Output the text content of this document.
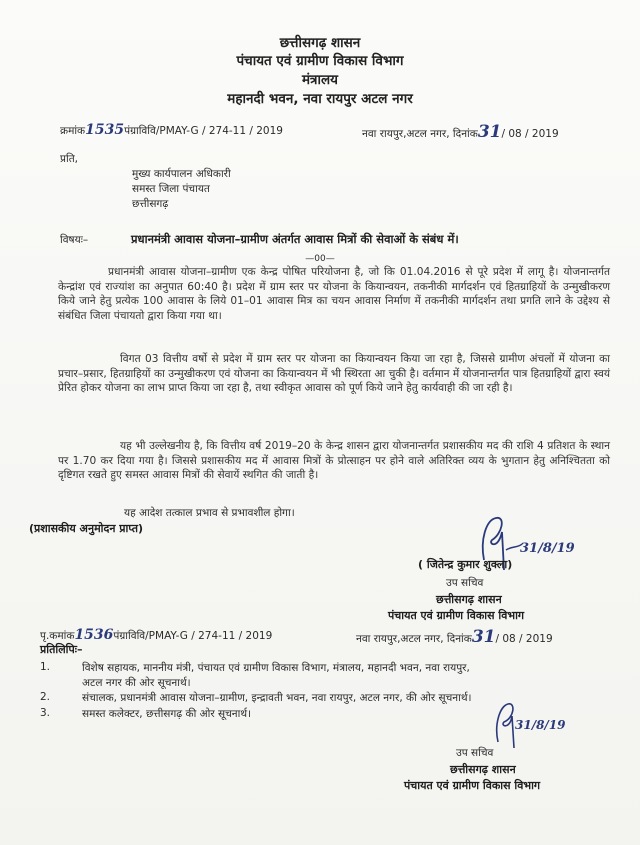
छत्तीसगढ़ शासन
पंचायत एवं ग्रामीण विकास विभाग
मंत्रालय
महानदी भवन, नवा रायपुर अटल नगर
क्रमांक1535पंग्राविवि/PMAY-G / 274-11 / 2019	नवा रायपुर,अटल नगर, दिनांक31/ 08 / 2019
प्रति,
मुख्य कार्यपालन अधिकारी
समस्त जिला पंचायत
छत्तीसगढ़
विषयः–	प्रधानमंत्री आवास योजना–ग्रामीण अंतर्गत आवास मित्रों की सेवाओं के संबंध में।
—00—
प्रधानमंत्री आवास योजना–ग्रामीण एक केन्द्र पोषित परियोजना है, जो कि 01.04.2016 से पूरे प्रदेश में लागू है। योजनान्तर्गत केन्द्रांश एवं राज्यांश का अनुपात 60:40 है। प्रदेश में ग्राम स्तर पर योजना के कियान्वयन, तकनीकी मार्गदर्शन एवं हितग्राहियों के उन्मुखीकरण किये जाने हेतु प्रत्येक 100 आवास के लिये 01–01 आवास मित्र का चयन आवास निर्माण में तकनीकी मार्गदर्शन तथा प्रगति लाने के उद्देश्य से संबंधित जिला पंचायतो द्वारा किया गया था।
विगत 03 वित्तीय वर्षो से प्रदेश में ग्राम स्तर पर योजना का कियान्वयन किया जा रहा है, जिससे ग्रामीण अंचलों में योजना का प्रचार–प्रसार, हितग्राहियों का उन्मुखीकरण एवं योजना का कियान्वयन में भी स्थिरता आ चुकी है। वर्तमान में योजनान्तर्गत पात्र हितग्राहियों द्वारा स्वयं प्रेरित होकर योजना का लाभ प्राप्त किया जा रहा है, तथा स्वीकृत आवास को पूर्ण किये जाने हेतु कार्यवाही की जा रही है।
यह भी उल्लेखनीय है, कि वित्तीय वर्ष 2019–20 के केन्द्र शासन द्वारा योजनान्तर्गत प्रशासकीय मद की राशि 4 प्रतिशत के स्थान पर 1.70 कर दिया गया है। जिससे प्रशासकीय मद में आवास मित्रों के प्रोत्साहन पर होने वाले अतिरिक्त व्यय के भुगतान हेतु अनिश्चितता को दृष्टिगत रखते हुए समस्त आवास मित्रों की सेवायें स्थगित की जाती है।
यह आदेश तत्काल प्रभाव से प्रभावशील होगा।
(प्रशासकीय अनुमोदन प्राप्त)
31/8/19
( जितेन्द्र कुमार शुक्ला)
उप सचिव
छत्तीसगढ़ शासन
पंचायत एवं ग्रामीण विकास विभाग
पृ.कमांक1536पंग्राविवि/PMAY-G / 274-11 / 2019	नवा रायपुर,अटल नगर, दिनांक31/ 08 / 2019
प्रतिलिपिः–
1.	विशेष सहायक, माननीय मंत्री, पंचायत एवं ग्रामीण विकास विभाग, मंत्रालय, महानदी भवन, नवा रायपुर,
अटल नगर की ओर सूचनार्थ।
2.	संचालक, प्रधानमंत्री आवास योजना–ग्रामीण, इन्द्रावती भवन, नवा रायपुर, अटल नगर, की ओर सूचनार्थ।
3.	समस्त कलेक्टर, छत्तीसगढ़ की ओर सूचनार्थ।
31/8/19
उप सचिव
छत्तीसगढ़ शासन
पंचायत एवं ग्रामीण विकास विभाग
